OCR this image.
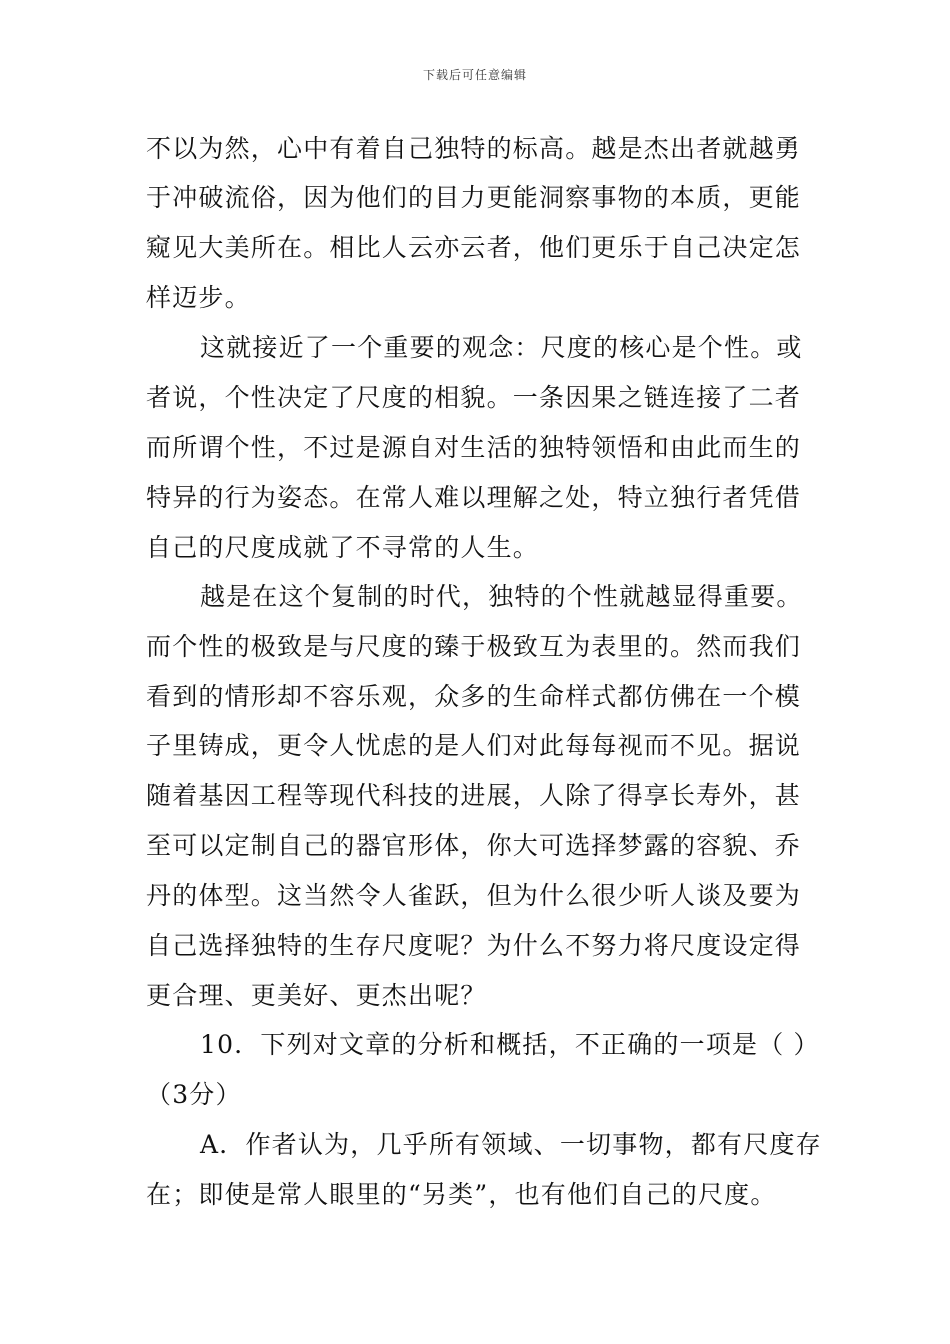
下载后可任意编辑
不以为然，心中有着自己独特的标高。越是杰出者就越勇
于冲破流俗，因为他们的目力更能洞察事物的本质，更能
窥见大美所在。相比人云亦云者，他们更乐于自己决定怎
样迈步。
这就接近了一个重要的观念：尺度的核心是个性。或
者说，个性决定了尺度的相貌。一条因果之链连接了二者
而所谓个性，不过是源自对生活的独特领悟和由此而生的
特异的行为姿态。在常人难以理解之处，特立独行者凭借
自己的尺度成就了不寻常的人生。
越是在这个复制的时代，独特的个性就越显得重要。
而个性的极致是与尺度的臻于极致互为表里的。然而我们
看到的情形却不容乐观，众多的生命样式都仿佛在一个模
子里铸成，更令人忧虑的是人们对此每每视而不见。据说
随着基因工程等现代科技的进展，人除了得享长寿外，甚
至可以定制自己的器官形体，你大可选择梦露的容貌、乔
丹的体型。这当然令人雀跃，但为什么很少听人谈及要为
自己选择独特的生存尺度呢？为什么不努力将尺度设定得
更合理、更美好、更杰出呢？
10．下列对文章的分析和概括，不正确的一项是（ ）
（3分）
A．作者认为，几乎所有领域、一切事物，都有尺度存
在；即使是常人眼里的“另类”，也有他们自己的尺度。
